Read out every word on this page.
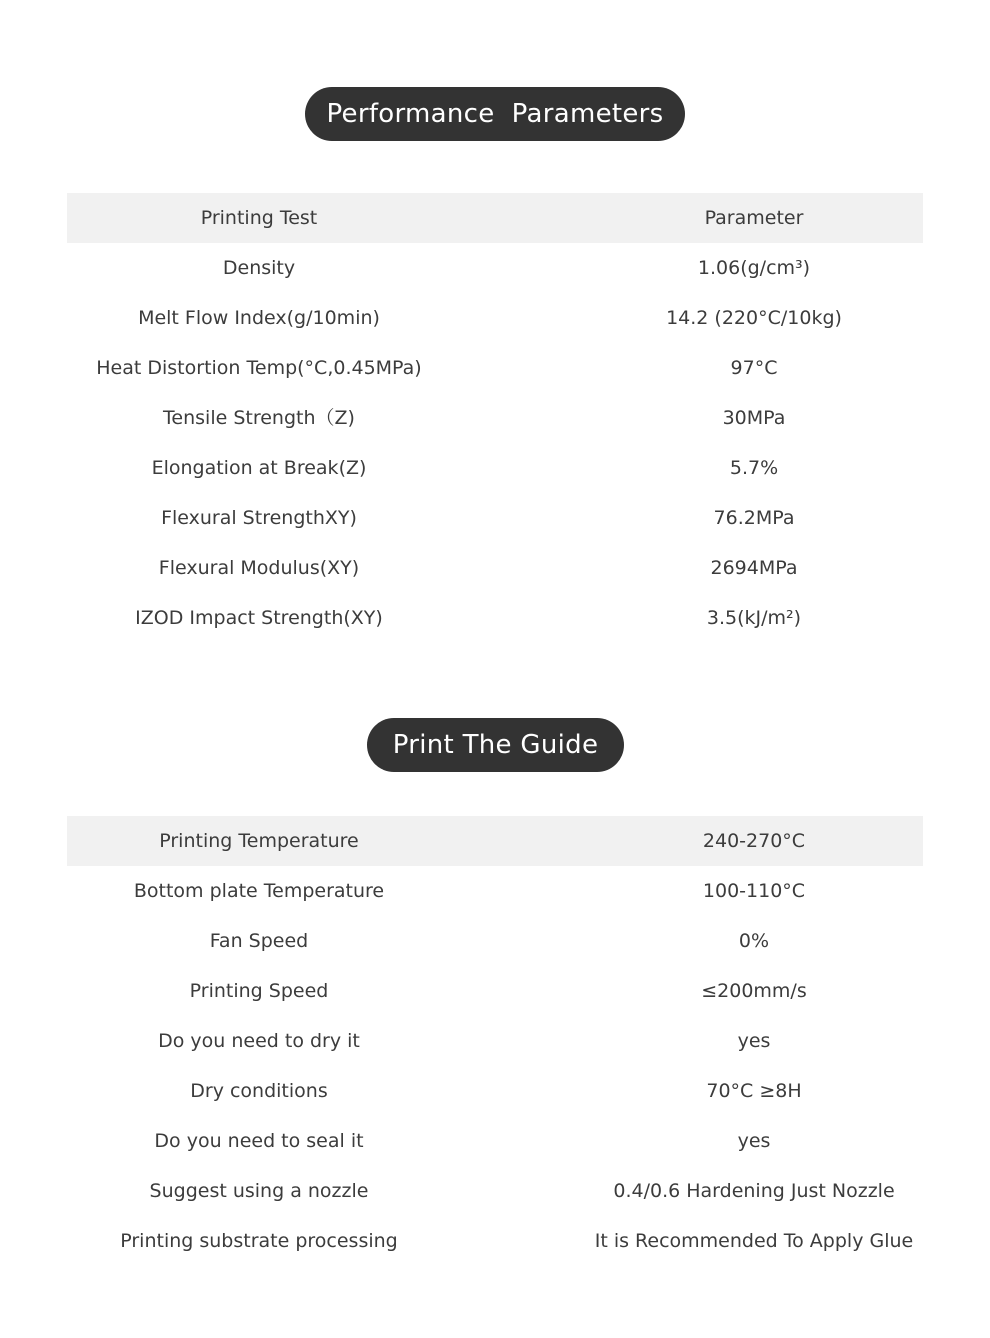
Performance  Parameters
Printing Test	Parameter
Density	1.06(g/cm³)
Melt Flow Index(g/10min)	14.2 (220°C/10kg)
Heat Distortion Temp(°C,0.45MPa)	97°C
Tensile Strength（Z)	30MPa
Elongation at Break(Z)	5.7%
Flexural StrengthXY)	76.2MPa
Flexural Modulus(XY)	2694MPa
IZOD Impact Strength(XY)	3.5(kJ/m²)
Print The Guide
Printing Temperature	240-270°C
Bottom plate Temperature	100-110°C
Fan Speed	0%
Printing Speed	≤200mm/s
Do you need to dry it	yes
Dry conditions	70°C ≥8H
Do you need to seal it	yes
Suggest using a nozzle	0.4/0.6 Hardening Just Nozzle
Printing substrate processing	It is Recommended To Apply Glue
